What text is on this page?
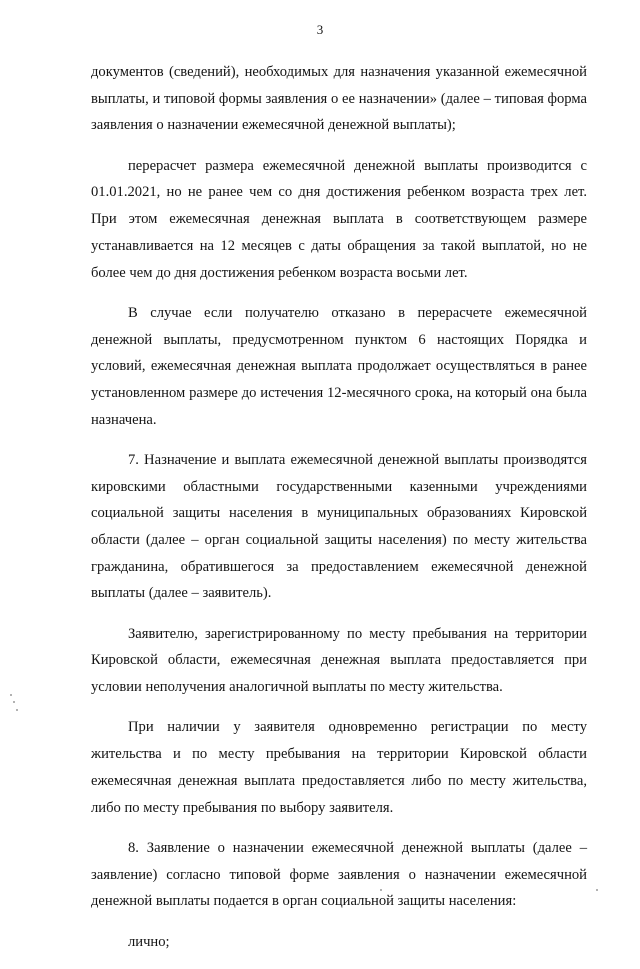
3

документов (сведений), необходимых для назначения указанной ежемесячной выплаты, и типовой формы заявления о ее назначении» (далее – типовая форма заявления о назначении ежемесячной денежной выплаты);

перерасчет размера ежемесячной денежной выплаты производится с 01.01.2021, но не ранее чем со дня достижения ребенком возраста трех лет. При этом ежемесячная денежная выплата в соответствующем размере устанавливается на 12 месяцев с даты обращения за такой выплатой, но не более чем до дня достижения ребенком возраста восьми лет.

В случае если получателю отказано в перерасчете ежемесячной денежной выплаты, предусмотренном пунктом 6 настоящих Порядка и условий, ежемесячная денежная выплата продолжает осуществляться в ранее установленном размере до истечения 12-месячного срока, на который она была назначена.

7. Назначение и выплата ежемесячной денежной выплаты производятся кировскими областными государственными казенными учреждениями социальной защиты населения в муниципальных образованиях Кировской области (далее – орган социальной защиты населения) по месту жительства гражданина, обратившегося за предоставлением ежемесячной денежной выплаты (далее – заявитель).

Заявителю, зарегистрированному по месту пребывания на территории Кировской области, ежемесячная денежная выплата предоставляется при условии неполучения аналогичной выплаты по месту жительства.

При наличии у заявителя одновременно регистрации по месту жительства и по месту пребывания на территории Кировской области ежемесячная денежная выплата предоставляется либо по месту жительства, либо по месту пребывания по выбору заявителя.

8. Заявление о назначении ежемесячной денежной выплаты (далее – заявление) согласно типовой форме заявления о назначении ежемесячной денежной выплаты подается в орган социальной защиты населения:

лично;
